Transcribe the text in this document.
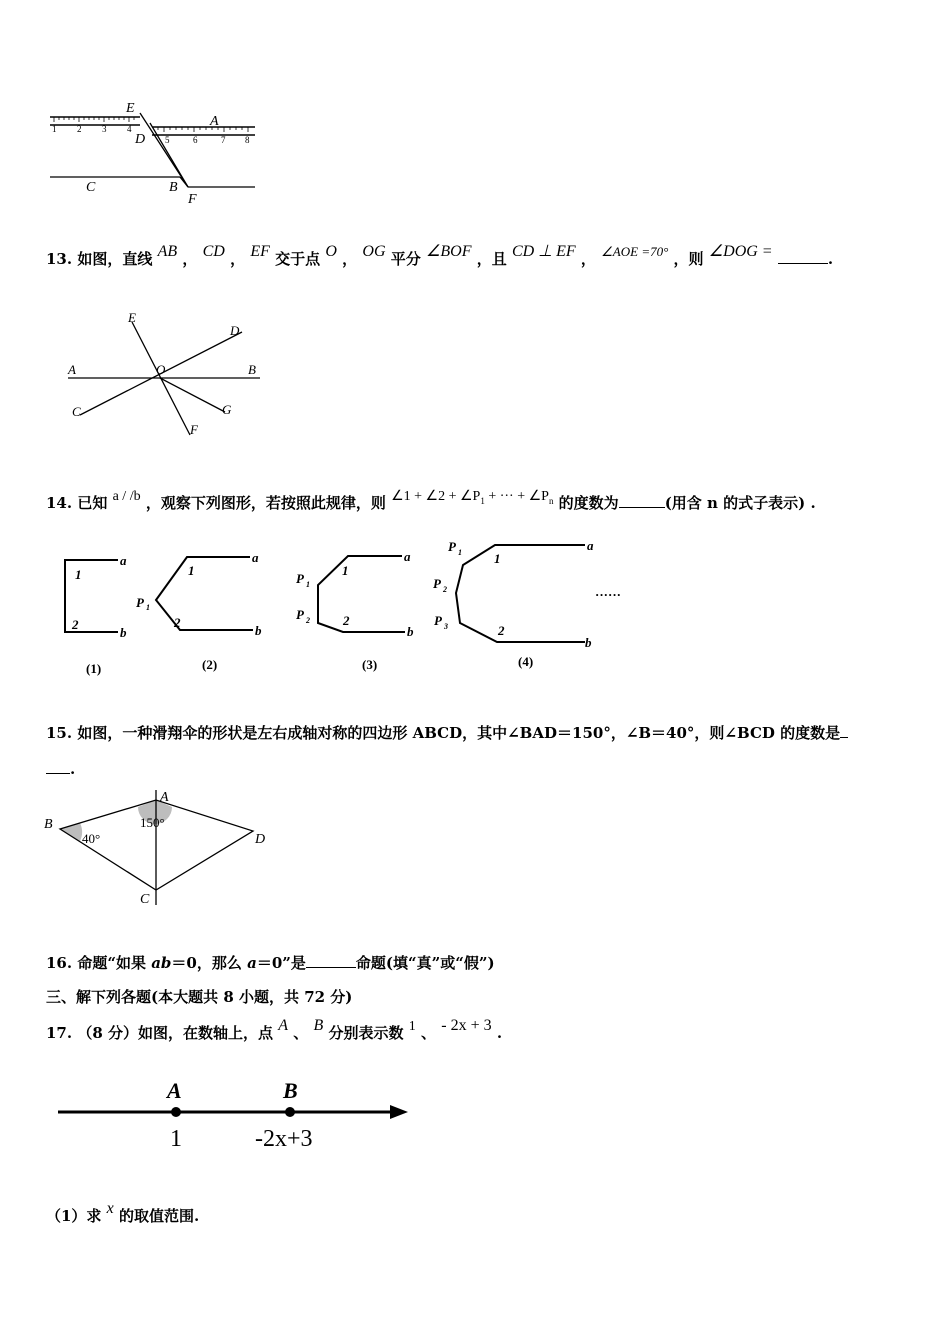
1 2 3 4
5	6	7 8
E
D
A
C	B
F
13. 如图，直线 AB ， CD ， EF 交于点 O ， OG 平分 ∠BOF ，且 CD ⊥ EF ， ∠AOE =70° ，则 ∠DOG =	.
E
D
A	O	B
C	G
F
14. 已知 a / /b ，观察下列图形，若按照此规律，则 ∠1 + ∠2 + $\angle P_1$ + ··· + $\angle P_n$ 的度数为	(用含 n 的式子表示) .
a
b
1
2
a
b
1
2
P 1
a
b
1
2
P 1
P 2
a
b
1
2
P 1
P 2
P 3
······
(1)	(2)	(3)	(4)
15. 如图，一种滑翔伞的形状是左右成轴对称的四边形 ABCD，其中∠BAD＝150°，∠B＝40°，则∠BCD 的度数是
.
B
A
D
C
40°
150°
16. 命题“如果 ab＝0，那么 a＝0”是	命题(填“真”或“假”)
三、解下列各题(本大题共 8 小题，共 72 分)
17. （8 分）如图，在数轴上，点 A 、 B 分别表示数 1 、 - 2x + 3 .
A	B
1	-2x+3
（1）求 x 的取值范围.
